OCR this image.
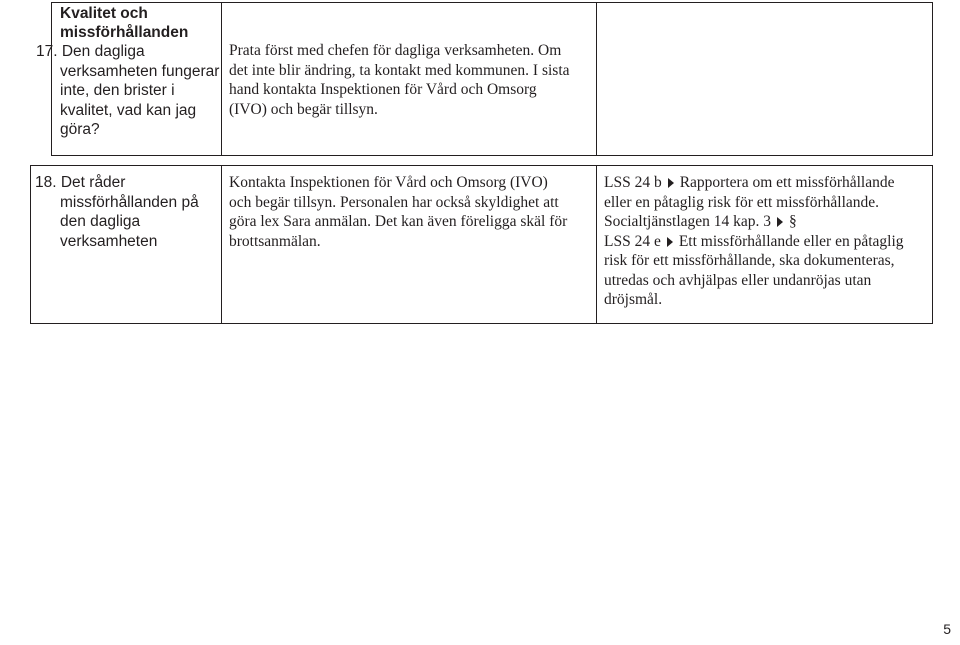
Kvalitet och
missförhållanden
17. Den dagliga
verksamheten fungerar
inte, den brister i
kvalitet, vad kan jag
göra?
Prata först med chefen för dagliga verksamheten. Om
det inte blir ändring, ta kontakt med kommunen. I sista
hand kontakta Inspektionen för Vård och Omsorg
(IVO) och begär tillsyn.
18. Det råder
missförhållanden på
den dagliga
verksamheten
Kontakta Inspektionen för Vård och Omsorg (IVO)
och begär tillsyn. Personalen har också skyldighet att
göra lex Sara anmälan. Det kan även föreligga skäl för
brottsanmälan.
LSS 24 b Rapportera om ett missförhållande
eller en påtaglig risk för ett missförhållande.
Socialtjänstlagen 14 kap. 3 §
LSS 24 e Ett missförhållande eller en påtaglig
risk för ett missförhållande, ska dokumenteras,
utredas och avhjälpas eller undanröjas utan
dröjsmål.
5
